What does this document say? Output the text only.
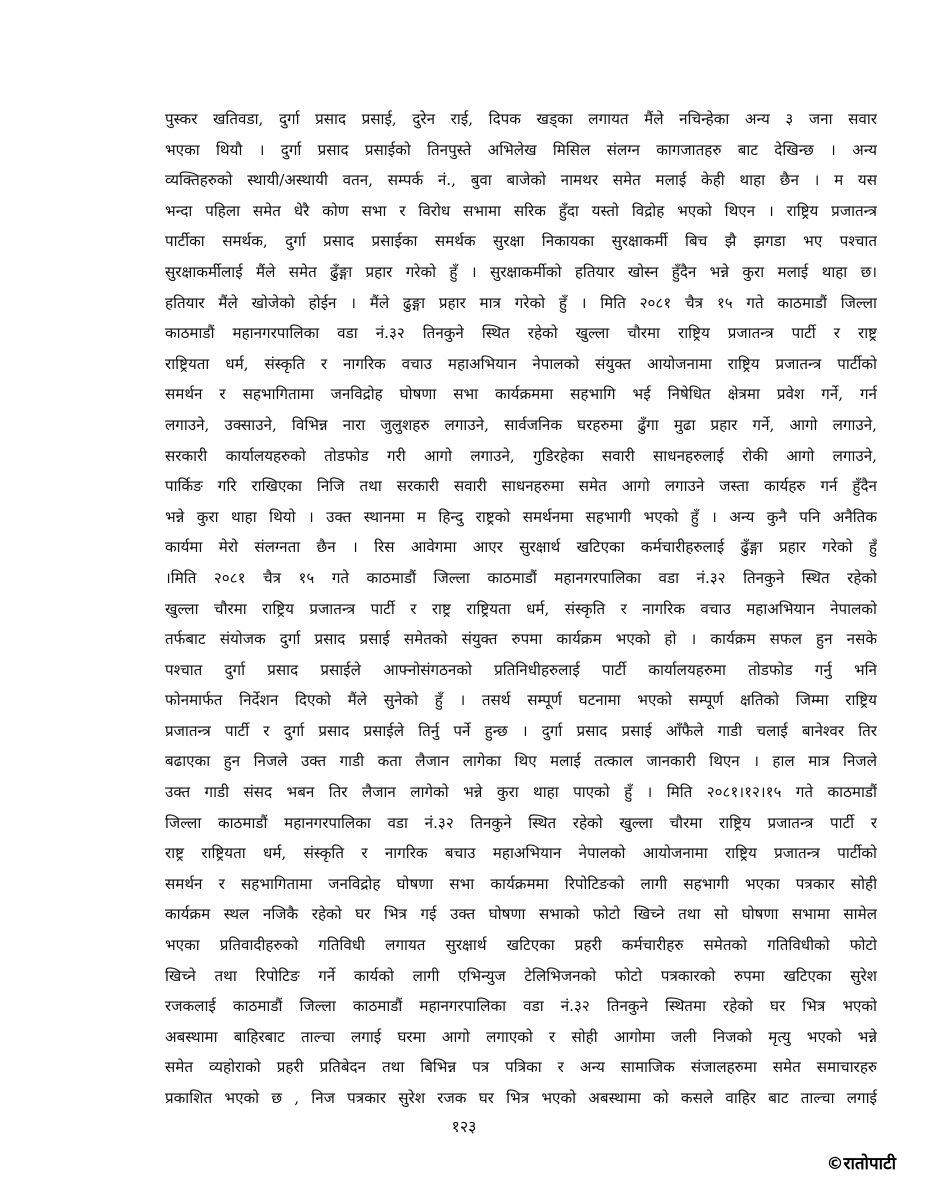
पुस्कर खतिवडा, दुर्गा प्रसाद प्रसाई, दुरेन राई, दिपक खड्का लगायत मैंले नचिन्हेका अन्य ३ जना सवार
भएका थियौ । दुर्गा प्रसाद प्रसाईको तिनपुस्ते अभिलेख मिसिल संलग्न कागजातहरु बाट देखिन्छ । अन्य
व्यक्तिहरुको स्थायी/अस्थायी वतन, सम्पर्क नं., बुवा बाजेको नामथर समेत मलाई केही थाहा छैन । म यस
भन्दा पहिला समेत धेरै कोण सभा र विरोध सभामा सरिक हुँदा यस्तो विद्रोह भएको थिएन । राष्ट्रिय प्रजातन्त्र
पार्टीका समर्थक, दुर्गा प्रसाद प्रसाईका समर्थक सुरक्षा निकायका सुरक्षाकर्मी बिच झै झगडा भए पश्चात
सुरक्षाकर्मीलाई मैंले समेत ढुँङ्गा प्रहार गरेको हुँ । सुरक्षाकर्मीको हतियार खोस्न हुँदैन भन्ने कुरा मलाई थाहा छ।
हतियार मैंले खोजेको होईन । मैंले ढुङ्गा प्रहार मात्र गरेको हुँ । मिति २०८१ चैत्र १५ गते काठमाडौं जिल्ला
काठमाडौं महानगरपालिका वडा नं.३२ तिनकुने स्थित रहेको खुल्ला चौरमा राष्ट्रिय प्रजातन्त्र पार्टी र राष्ट्र
राष्ट्रियता धर्म, संस्कृति र नागरिक वचाउ महाअभियान नेपालको संयुक्त आयोजनामा राष्ट्रिय प्रजातन्त्र पार्टीको
समर्थन र सहभागितामा जनविद्रोह घोषणा सभा कार्यक्रममा सहभागि भई निषेधित क्षेत्रमा प्रवेश गर्ने, गर्न
लगाउने, उक्साउने, विभिन्न नारा जुलुशहरु लगाउने, सार्वजनिक घरहरुमा ढुँगा मुढा प्रहार गर्ने, आगो लगाउने,
सरकारी कार्यालयहरुको तोडफोड गरी आगो लगाउने, गुडिरहेका सवारी साधनहरुलाई रोकी आगो लगाउने,
पार्किङ गरि राखिएका निजि तथा सरकारी सवारी साधनहरुमा समेत आगो लगाउने जस्ता कार्यहरु गर्न हुँदैन
भन्ने कुरा थाहा थियो । उक्त स्थानमा म हिन्दु राष्ट्रको समर्थनमा सहभागी भएको हुँ । अन्य कुनै पनि अनैतिक
कार्यमा मेरो संलग्नता छैन । रिस आवेगमा आएर सुरक्षार्थ खटिएका कर्मचारीहरुलाई ढुँङ्गा प्रहार गरेको हुँ
।मिति २०८१ चैत्र १५ गते काठमाडौं जिल्ला काठमाडौं महानगरपालिका वडा नं.३२ तिनकुने स्थित रहेको
खुल्ला चौरमा राष्ट्रिय प्रजातन्त्र पार्टी र राष्ट्र राष्ट्रियता धर्म, संस्कृति र नागरिक वचाउ महाअभियान नेपालको
तर्फबाट संयोजक दुर्गा प्रसाद प्रसाई समेतको संयुक्त रुपमा कार्यक्रम भएको हो । कार्यक्रम सफल हुन नसके
पश्चात दुर्गा प्रसाद प्रसाईले आफ्नोसंगठनको प्रतिनिधीहरुलाई पार्टी कार्यालयहरुमा तोडफोड गर्नु भनि
फोनमार्फत निर्देशन दिएको मैंले सुनेको हुँ । तसर्थ सम्पूर्ण घटनामा भएको सम्पूर्ण क्षतिको जिम्मा राष्ट्रिय
प्रजातन्त्र पार्टी र दुर्गा प्रसाद प्रसाईले तिर्नु पर्ने हुन्छ । दुर्गा प्रसाद प्रसाई आँफैले गाडी चलाई बानेश्वर तिर
बढाएका हुन निजले उक्त गाडी कता लैजान लागेका थिए मलाई तत्काल जानकारी थिएन । हाल मात्र निजले
उक्त गाडी संसद भबन तिर लैजान लागेको भन्ने कुरा थाहा पाएको हुँ । मिति २०८१।१२।१५ गते काठमाडौं
जिल्ला काठमाडौं महानगरपालिका वडा नं.३२ तिनकुने स्थित रहेको खुल्ला चौरमा राष्ट्रिय प्रजातन्त्र पार्टी र
राष्ट्र राष्ट्रियता धर्म, संस्कृति र नागरिक बचाउ महाअभियान नेपालको आयोजनामा राष्ट्रिय प्रजातन्त्र पार्टीको
समर्थन र सहभागितामा जनविद्रोह घोषणा सभा कार्यक्रममा रिपोटिङको लागी सहभागी भएका पत्रकार सोही
कार्यक्रम स्थल नजिकै रहेको घर भित्र गई उक्त घोषणा सभाको फोटो खिच्ने तथा सो घोषणा सभामा सामेल
भएका प्रतिवादीहरुको गतिविधी लगायत सुरक्षार्थ खटिएका प्रहरी कर्मचारीहरु समेतको गतिविधीको फोटो
खिच्ने तथा रिपोटिङ गर्ने कार्यको लागी एभिन्युज टेलिभिजनको फोटो पत्रकारको रुपमा खटिएका सुरेश
रजकलाई काठमाडौं जिल्ला काठमाडौं महानगरपालिका वडा नं.३२ तिनकुने स्थितमा रहेको घर भित्र भएको
अबस्थामा बाहिरबाट ताल्चा लगाई घरमा आगो लगाएको र सोही आगोमा जली निजको मृत्यु भएको भन्ने
समेत व्यहोराको प्रहरी प्रतिबेदन तथा बिभिन्न पत्र पत्रिका र अन्य सामाजिक संजालहरुमा समेत समाचारहरु
प्रकाशित भएको छ , निज पत्रकार सुरेश रजक घर भित्र भएको अबस्थामा को कसले वाहिर बाट ताल्चा लगाई
१२३
©रातोपाटी
